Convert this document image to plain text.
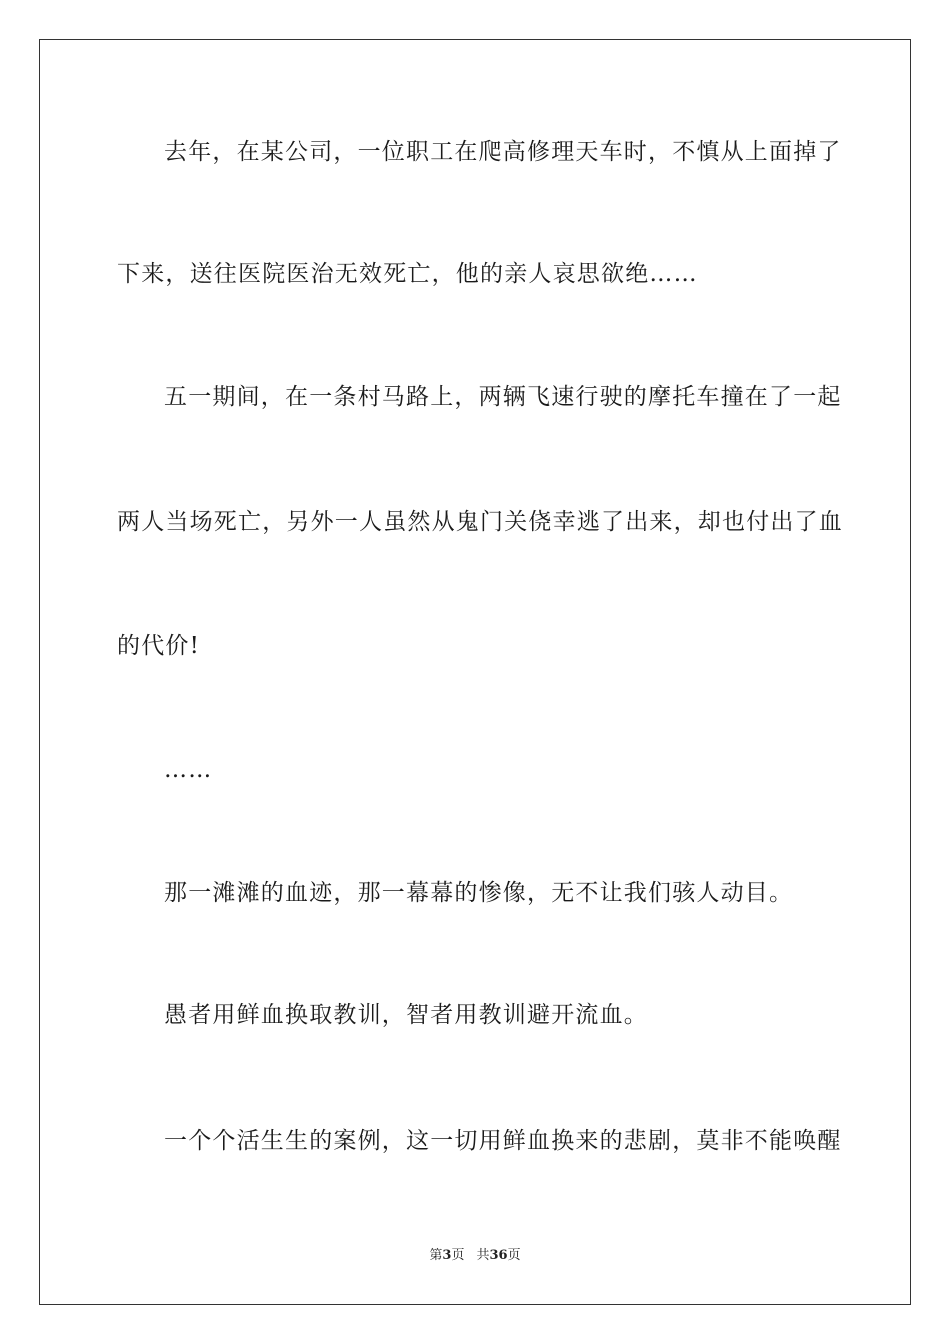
去年，在某公司，一位职工在爬高修理天车时，不慎从上面掉了
下来，送往医院医治无效死亡，他的亲人哀思欲绝……
五一期间，在一条村马路上，两辆飞速行驶的摩托车撞在了一起
两人当场死亡，另外一人虽然从鬼门关侥幸逃了出来，却也付出了血
的代价!
……
那一滩滩的血迹，那一幕幕的惨像，无不让我们骇人动目。
愚者用鲜血换取教训，智者用教训避开流血。
一个个活生生的案例，这一切用鲜血换来的悲剧，莫非不能唤醒
第3页 共36页
